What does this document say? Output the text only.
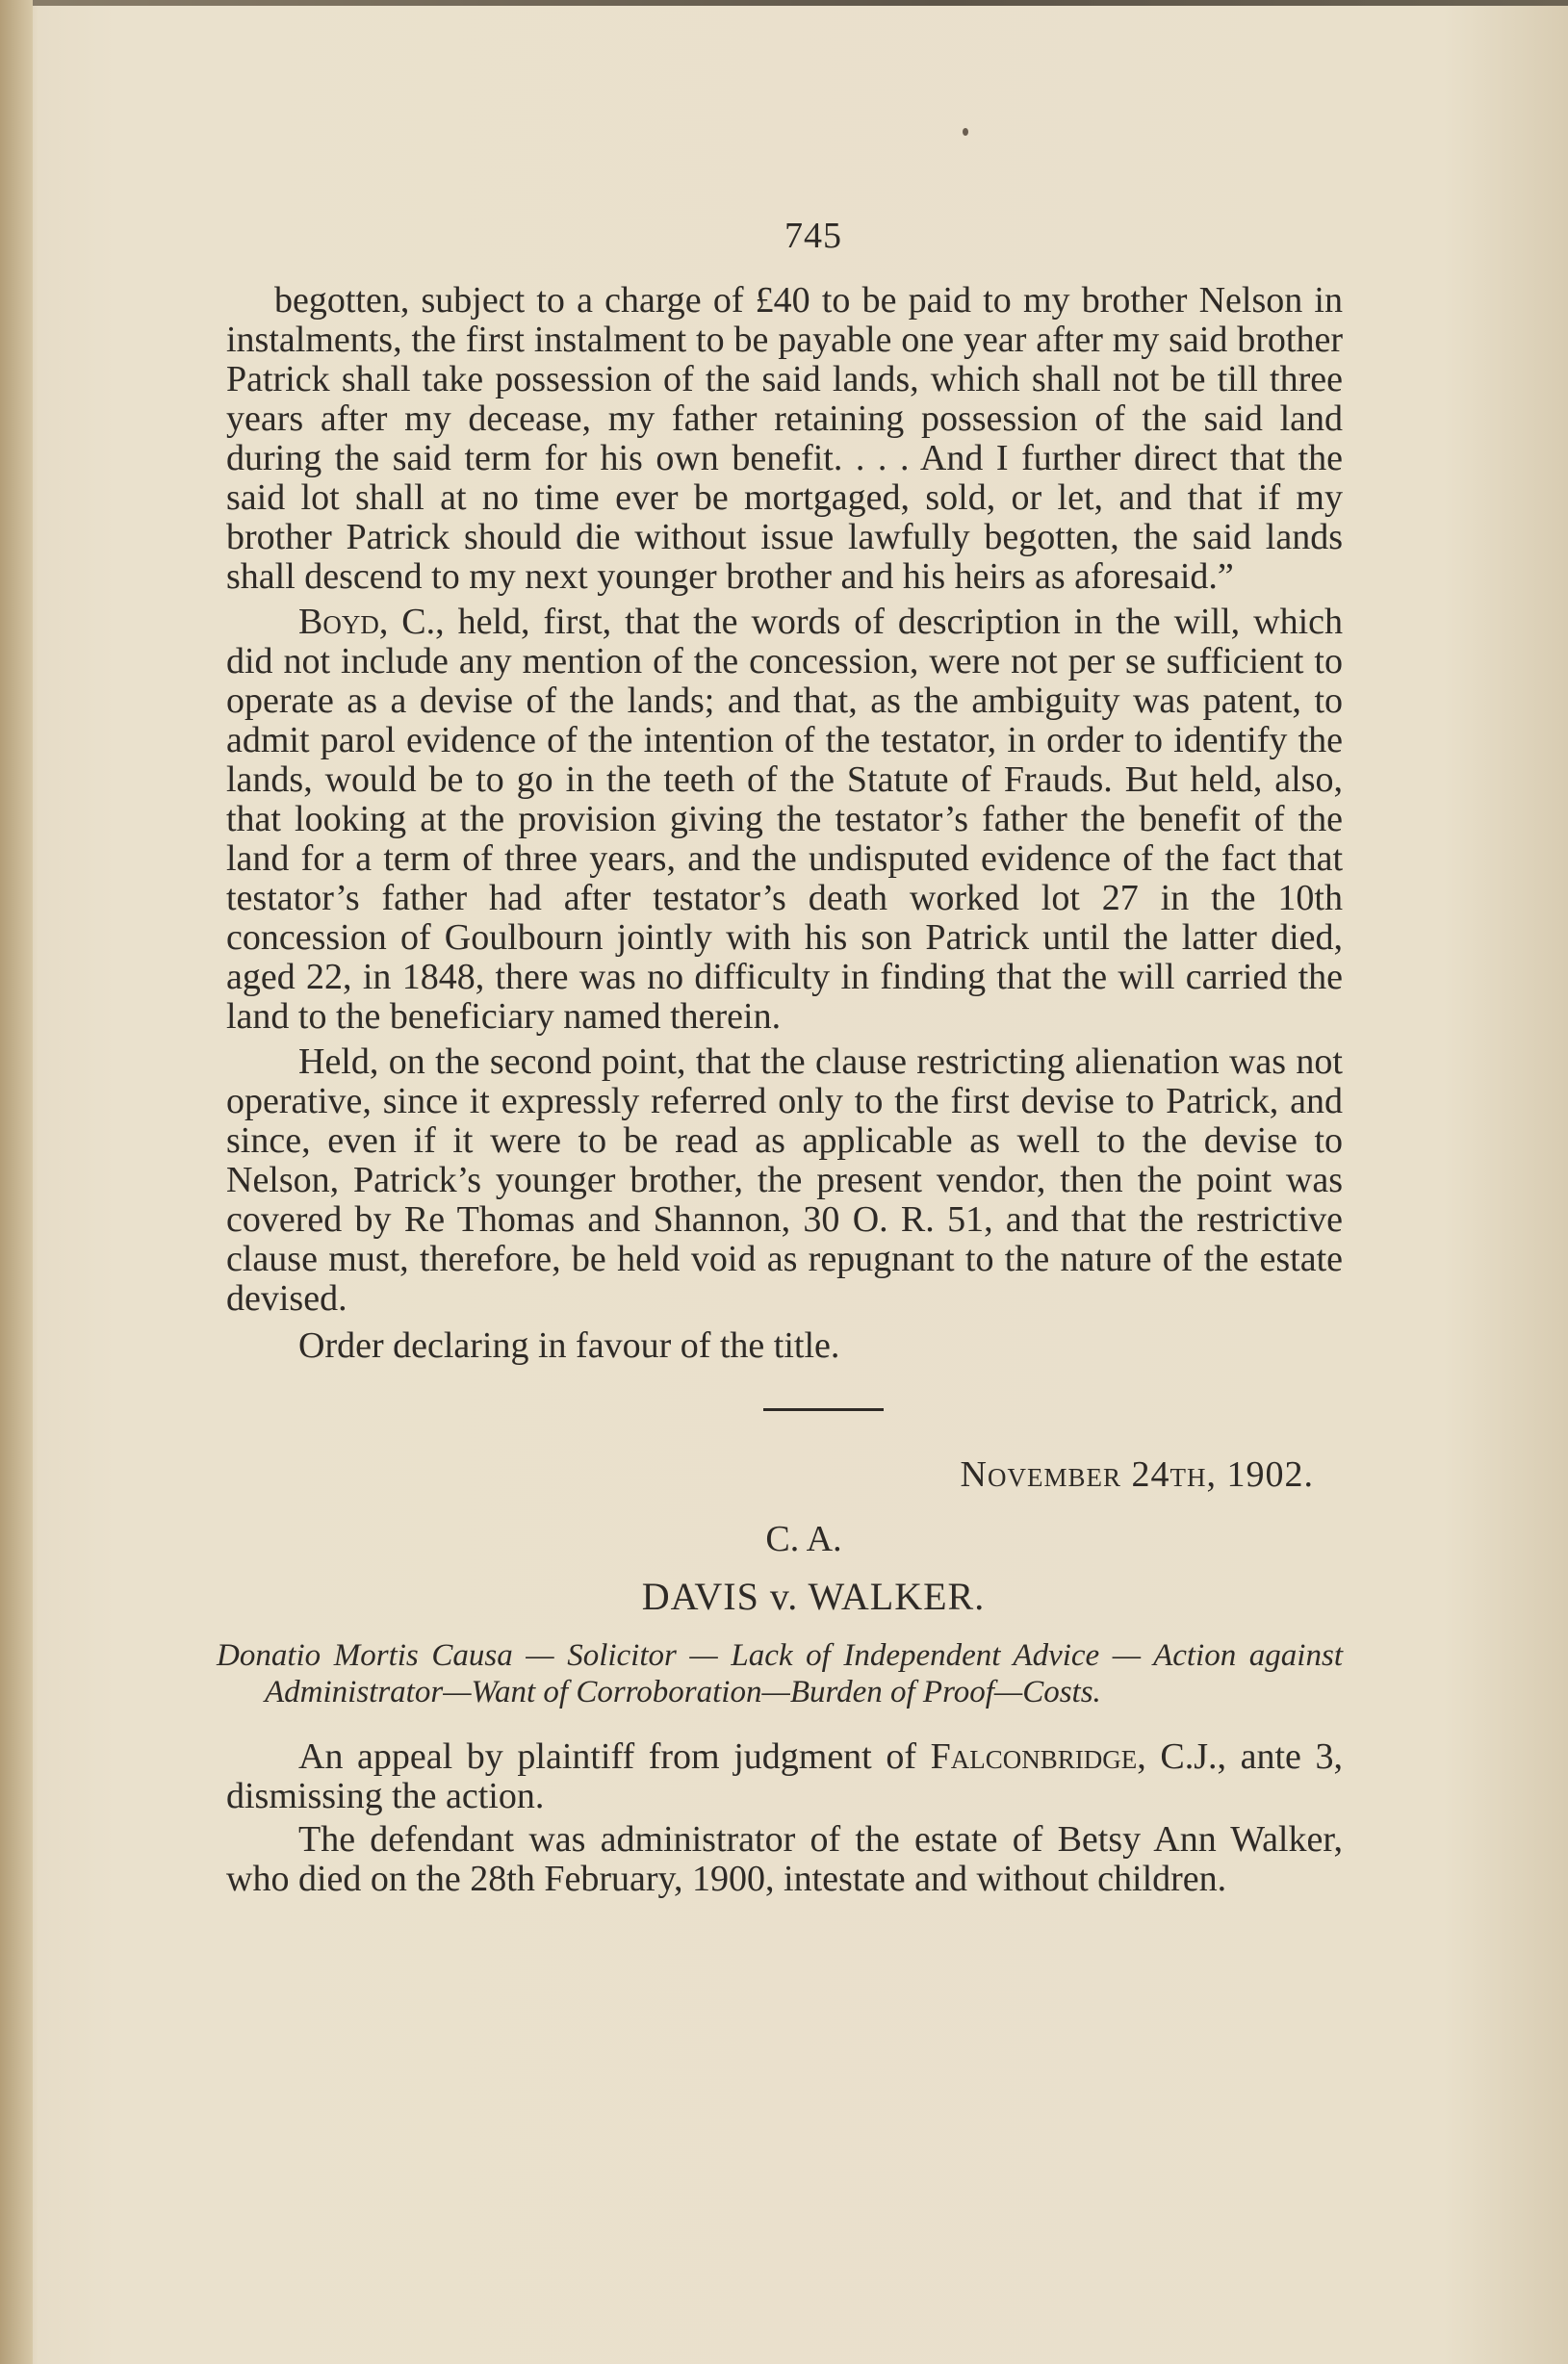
745

begotten, subject to a charge of £40 to be paid to my brother Nelson in instalments, the first instalment to be payable one year after my said brother Patrick shall take possession of the said lands, which shall not be till three years after my decease, my father retaining possession of the said land during the said term for his own benefit. . . . And I further direct that the said lot shall at no time ever be mortgaged, sold, or let, and that if my brother Patrick should die without issue lawfully begotten, the said lands shall descend to my next younger brother and his heirs as aforesaid.”

Boyd, C., held, first, that the words of description in the will, which did not include any mention of the concession, were not per se sufficient to operate as a devise of the lands; and that, as the ambiguity was patent, to admit parol evidence of the intention of the testator, in order to identify the lands, would be to go in the teeth of the Statute of Frauds. But held, also, that looking at the provision giving the testator’s father the benefit of the land for a term of three years, and the undisputed evidence of the fact that testator’s father had after testator’s death worked lot 27 in the 10th concession of Goulbourn jointly with his son Patrick until the latter died, aged 22, in 1848, there was no difficulty in finding that the will carried the land to the beneficiary named therein.

Held, on the second point, that the clause restricting alienation was not operative, since it expressly referred only to the first devise to Patrick, and since, even if it were to be read as applicable as well to the devise to Nelson, Patrick’s younger brother, the present vendor, then the point was covered by Re Thomas and Shannon, 30 O. R. 51, and that the restrictive clause must, therefore, be held void as repugnant to the nature of the estate devised.

Order declaring in favour of the title.

November 24th, 1902.
C. A.
DAVIS v. WALKER.

Donatio Mortis Causa — Solicitor — Lack of Independent Advice — Action against Administrator—Want of Corroboration—Burden of Proof—Costs.

An appeal by plaintiff from judgment of Falconbridge, C.J., ante 3, dismissing the action.

The defendant was administrator of the estate of Betsy Ann Walker, who died on the 28th February, 1900, intestate and without children.
